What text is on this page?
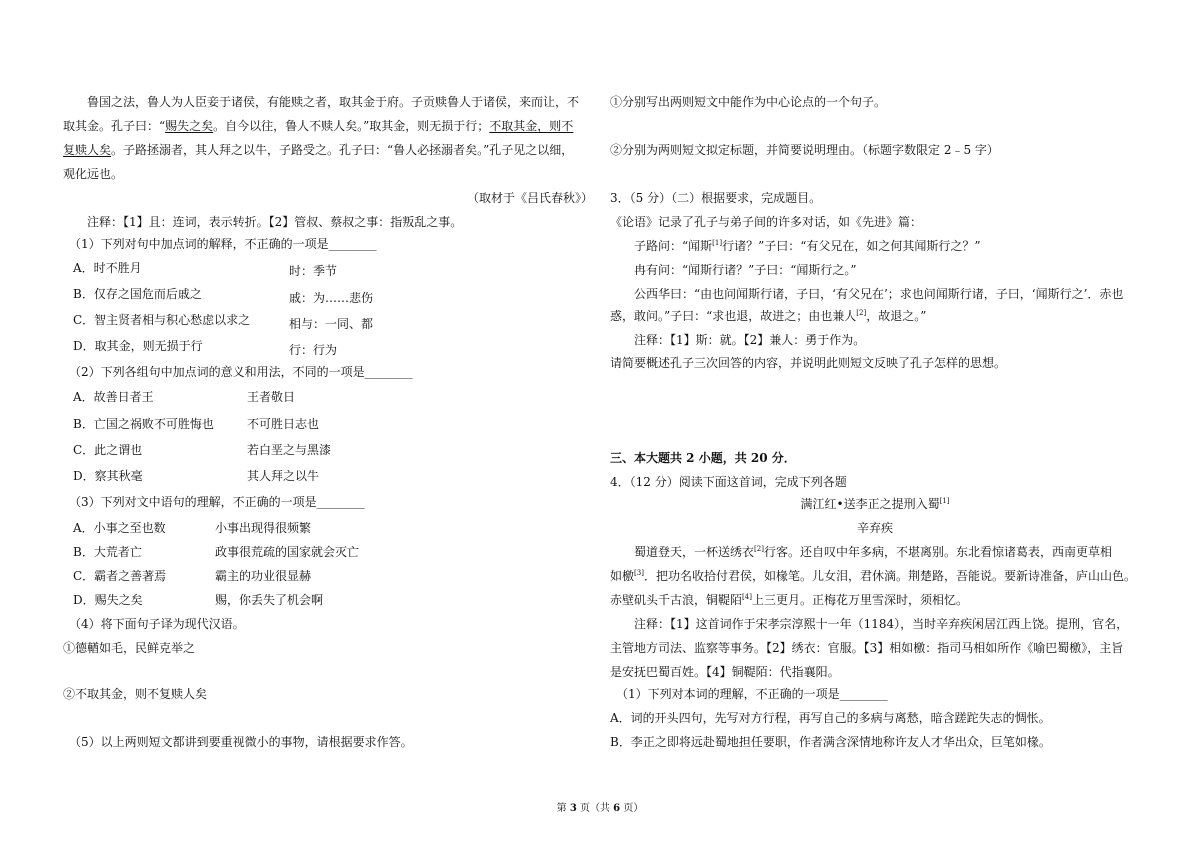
鲁国之法，鲁人为人臣妾于诸侯，有能赎之者，取其金于府。子贡赎鲁人于诸侯，来而让，不
取其金。孔子曰：“赐失之矣。自今以往，鲁人不赎人矣。”取其金，则无损于行；不取其金，则不
复赎人矣。子路拯溺者，其人拜之以牛，子路受之。孔子曰：“鲁人必拯溺者矣。”孔子见之以细，
观化远也。
（取材于《吕氏春秋》）
注释：【1】且：连词，表示转折。【2】管叔、蔡叔之事：指叛乱之事。
（1）下列对句中加点词的解释，不正确的一项是________
A．时不胜月	时：季节
B．仅存之国危而后戚之	戚：为……悲伤
C．智主贤者相与积心愁虑以求之	相与：一同、都
D．取其金，则无损于行	行：行为
（2）下列各组句中加点词的意义和用法，不同的一项是________
A．故善日者王	王者敬日
B．亡国之祸败不可胜悔也	不可胜日志也
C．此之谓也	若白垩之与黑漆
D．察其秋毫	其人拜之以牛
（3）下列对文中语句的理解，不正确的一项是________
A．小事之至也数	小事出现得很频繁
B．大荒者亡	政事很荒疏的国家就会灭亡
C．霸者之善著焉	霸主的功业很显赫
D．赐失之矣	赐，你丢失了机会啊
（4）将下面句子译为现代汉语。
①德輶如毛，民鲜克举之
②不取其金，则不复赎人矣
（5）以上两则短文都讲到要重视微小的事物，请根据要求作答。
①分别写出两则短文中能作为中心论点的一个句子。
②分别为两则短文拟定标题，并简要说明理由。（标题字数限定 2﹣5 字）
3．（5 分）（二）根据要求，完成题目。
《论语》记录了孔子与弟子间的许多对话，如《先进》篇：
子路问：“闻斯[1]行诸？”子曰：“有父兄在，如之何其闻斯行之？”
冉有问：“闻斯行诸？”子曰：“闻斯行之。”
公西华曰：“由也问闻斯行诸，子曰，‘有父兄在’；求也问闻斯行诸，子曰，‘闻斯行之’．赤也
惑，敢问。”子曰：“求也退，故进之；由也兼人[2]，故退之。”
注释：【1】斯：就。【2】兼人：勇于作为。
请简要概述孔子三次回答的内容，并说明此则短文反映了孔子怎样的思想。
三、本大题共 2 小题，共 20 分．
4．（12 分）阅读下面这首词，完成下列各题
满江红•送李正之提刑入蜀[1]
辛弃疾
蜀道登天，一杯送绣衣[2]行客。还自叹中年多病，不堪离别。东北看惊诸葛表，西南更草相
如檄[3]．把功名收拾付君侯，如椽笔。儿女泪，君休滴。荆楚路，吾能说。要新诗准备，庐山山色。
赤壁矶头千古浪，铜鞮陌[4]上三更月。正梅花万里雪深时，须相忆。
注释：【1】这首词作于宋孝宗淳熙十一年（1184），当时辛弃疾闲居江西上饶。提刑，官名，
主管地方司法、监察等事务。【2】绣衣：官服。【3】相如檄：指司马相如所作《喻巴蜀檄》，主旨
是安抚巴蜀百姓。【4】铜鞮陌：代指襄阳。
（1）下列对本词的理解，不正确的一项是________
A．词的开头四句，先写对方行程，再写自己的多病与离愁，暗含蹉跎失志的惆怅。
B．李正之即将远赴蜀地担任要职，作者满含深情地称许友人才华出众，巨笔如椽。
第 3 页（共 6 页）
